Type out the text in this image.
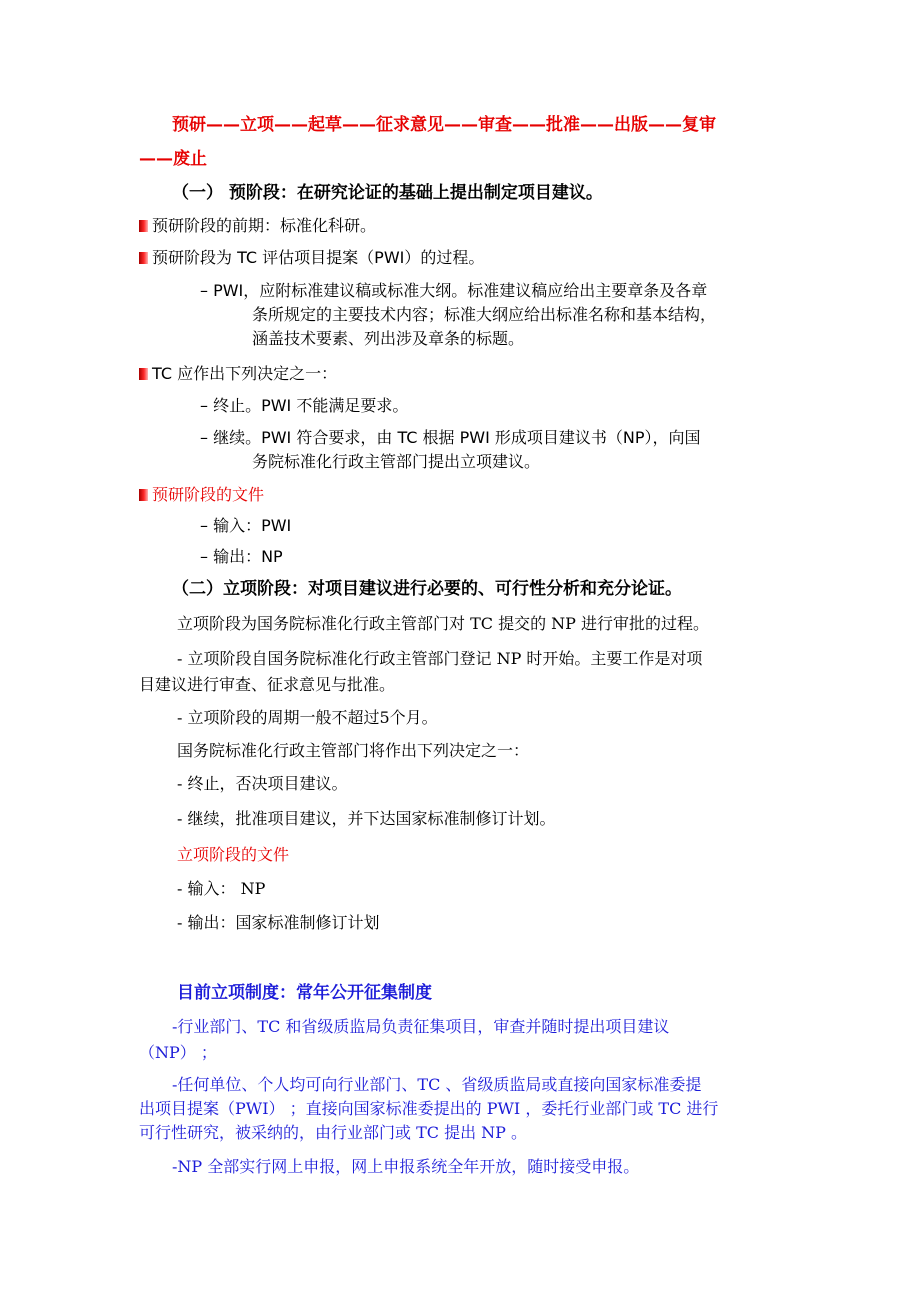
预研——立项——起草——征求意见——审查——批准——出版——复审
——废止
（一） 预阶段：在研究论证的基础上提出制定项目建议。
预研阶段的前期：标准化科研。
预研阶段为 TC 评估项目提案（PWI）的过程。
– PWI，应附标准建议稿或标准大纲。标准建议稿应给出主要章条及各章
条所规定的主要技术内容；标准大纲应给出标准名称和基本结构，
涵盖技术要素、列出涉及章条的标题。
TC 应作出下列决定之一：
– 终止。PWI 不能满足要求。
– 继续。PWI 符合要求，由 TC 根据 PWI 形成项目建议书（NP），向国
务院标准化行政主管部门提出立项建议。
预研阶段的文件
– 输入：PWI
– 输出：NP
（二）立项阶段：对项目建议进行必要的、可行性分析和充分论证。
立项阶段为国务院标准化行政主管部门对 TC 提交的 NP 进行审批的过程。
- 立项阶段自国务院标准化行政主管部门登记 NP 时开始。主要工作是对项
目建议进行审查、征求意见与批准。
- 立项阶段的周期一般不超过5个月。
国务院标准化行政主管部门将作出下列决定之一：
- 终止，否决项目建议。
- 继续，批准项目建议，并下达国家标准制修订计划。
立项阶段的文件
- 输入： NP
- 输出：国家标准制修订计划
目前立项制度：常年公开征集制度
-行业部门、TC 和省级质监局负责征集项目，审查并随时提出项目建议
（NP） ；
-任何单位、个人均可向行业部门、TC 、省级质监局或直接向国家标准委提
出项目提案（PWI） ；直接向国家标准委提出的 PWI ，委托行业部门或 TC 进行
可行性研究，被采纳的，由行业部门或 TC 提出 NP 。
-NP 全部实行网上申报，网上申报系统全年开放，随时接受申报。
